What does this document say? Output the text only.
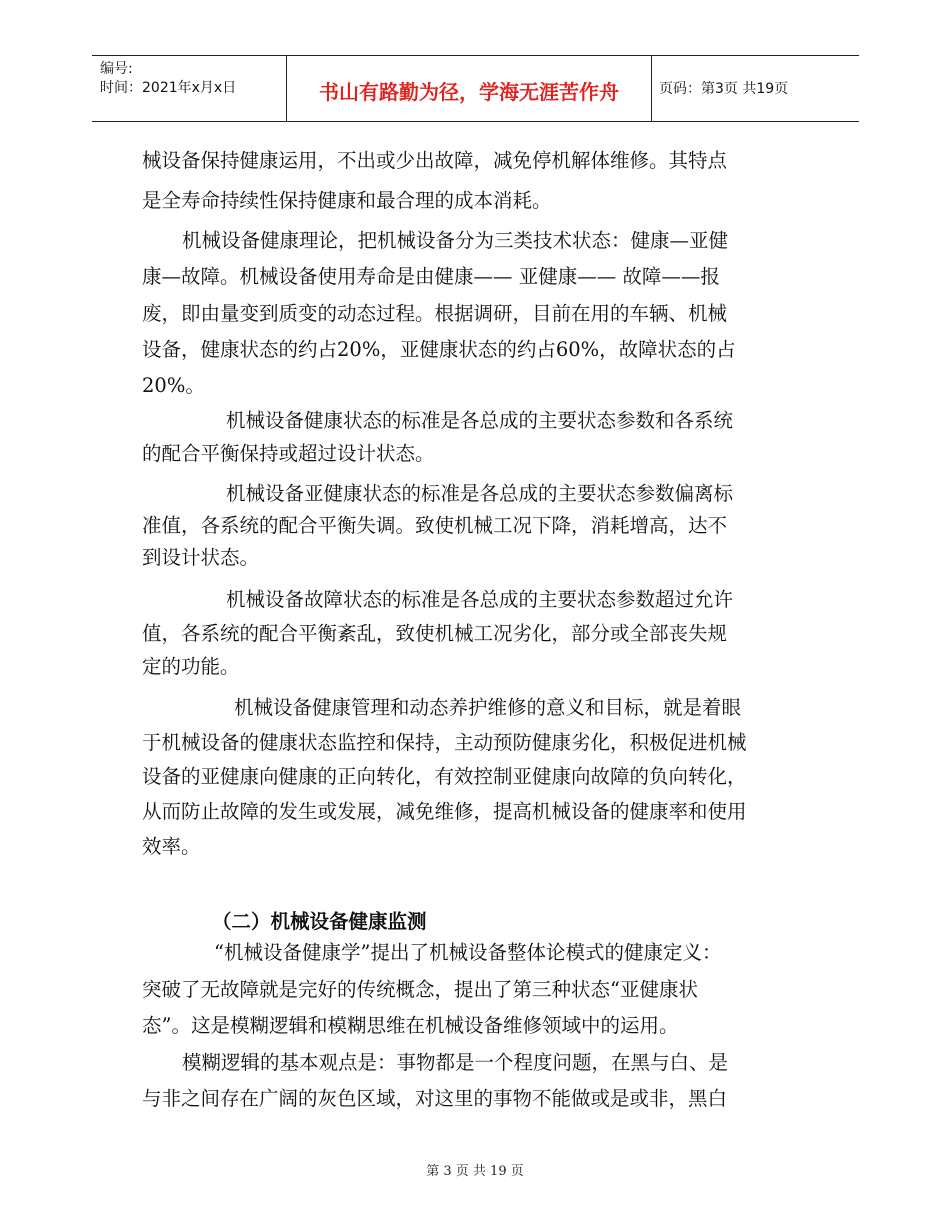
编号:
时间：2021年x月x日	书山有路勤为径，学海无涯苦作舟	页码：第3页 共19页
械设备保持健康运用，不出或少出故障，减免停机解体维修。其特点
是全寿命持续性保持健康和最合理的成本消耗。
机械设备健康理论，把机械设备分为三类技术状态：健康—亚健
康—故障。机械设备使用寿命是由健康—— 亚健康—— 故障——报
废，即由量变到质变的动态过程。根据调研，目前在用的车辆、机械
设备，健康状态的约占20%，亚健康状态的约占60%，故障状态的占
20%。
机械设备健康状态的标准是各总成的主要状态参数和各系统
的配合平衡保持或超过设计状态。
机械设备亚健康状态的标准是各总成的主要状态参数偏离标
准值，各系统的配合平衡失调。致使机械工况下降，消耗增高，达不
到设计状态。
机械设备故障状态的标准是各总成的主要状态参数超过允许
值，各系统的配合平衡紊乱，致使机械工况劣化，部分或全部丧失规
定的功能。
机械设备健康管理和动态养护维修的意义和目标，就是着眼
于机械设备的健康状态监控和保持，主动预防健康劣化，积极促进机械
设备的亚健康向健康的正向转化，有效控制亚健康向故障的负向转化，
从而防止故障的发生或发展，减免维修，提高机械设备的健康率和使用
效率。
（二）机械设备健康监测
“机械设备健康学”提出了机械设备整体论模式的健康定义：
突破了无故障就是完好的传统概念，提出了第三种状态“亚健康状
态”。这是模糊逻辑和模糊思维在机械设备维修领域中的运用。
模糊逻辑的基本观点是：事物都是一个程度问题，在黑与白、是
与非之间存在广阔的灰色区域，对这里的事物不能做或是或非，黑白
第 3 页 共 19 页
